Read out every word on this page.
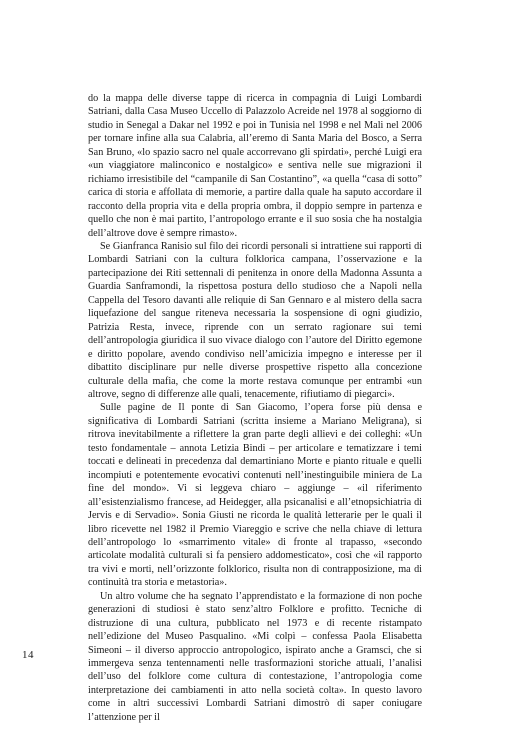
do la mappa delle diverse tappe di ricerca in compagnia di Luigi Lombardi Satriani, dalla Casa Museo Uccello di Palazzolo Acreide nel 1978 al soggiorno di studio in Senegal a Dakar nel 1992 e poi in Tunisia nel 1998 e nel Mali nel 2006 per tornare infine alla sua Calabria, all’eremo di Santa Maria del Bosco, a Serra San Bruno, «lo spazio sacro nel quale accorrevano gli spirdati», perché Luigi era «un viaggiatore malinconico e nostalgico» e sentiva nelle sue migrazioni il richiamo irresistibile del “campanile di San Costantino”, «a quella “casa di sotto” carica di storia e affollata di memorie, a partire dalla quale ha saputo accordare il racconto della propria vita e della propria ombra, il doppio sempre in partenza e quello che non è mai partito, l’antropologo errante e il suo sosia che ha nostalgia dell’altrove dove è sempre rimasto».

Se Gianfranca Ranisio sul filo dei ricordi personali si intrattiene sui rapporti di Lombardi Satriani con la cultura folklorica campana, l’osservazione e la partecipazione dei Riti settennali di penitenza in onore della Madonna Assunta a Guardia Sanframondi, la rispettosa postura dello studioso che a Napoli nella Cappella del Tesoro davanti alle reliquie di San Gennaro e al mistero della sacra liquefazione del sangue riteneva necessaria la sospensione di ogni giudizio, Patrizia Resta, invece, riprende con un serrato ragionare sui temi dell’antropologia giuridica il suo vivace dialogo con l’autore del Diritto egemone e diritto popolare, avendo condiviso nell’amicizia impegno e interesse per il dibattito disciplinare pur nelle diverse prospettive rispetto alla concezione culturale della mafia, che come la morte restava comunque per entrambi «un altrove, segno di differenze alle quali, tenacemente, rifiutiamo di piegarci».

Sulle pagine de Il ponte di San Giacomo, l’opera forse più densa e significativa di Lombardi Satriani (scritta insieme a Mariano Meligrana), si ritrova inevitabilmente a riflettere la gran parte degli allievi e dei colleghi: «Un testo fondamentale – annota Letizia Bindi – per articolare e tematizzare i temi toccati e delineati in precedenza dal demartiniano Morte e pianto rituale e quelli incompiuti e potentemente evocativi contenuti nell’inestinguibile miniera de La fine del mondo». Vi si leggeva chiaro – aggiunge – «il riferimento all’esistenzialismo francese, ad Heidegger, alla psicanalisi e all’etnopsichiatria di Jervis e di Servadio». Sonia Giusti ne ricorda le qualità letterarie per le quali il libro ricevette nel 1982 il Premio Viareggio e scrive che nella chiave di lettura dell’antropologo lo «smarrimento vitale» di fronte al trapasso, «secondo articolate modalità culturali si fa pensiero addomesticato», così che «il rapporto tra vivi e morti, nell’orizzonte folklorico, risulta non di contrapposizione, ma di continuità tra storia e metastoria».

Un altro volume che ha segnato l’apprendistato e la formazione di non poche generazioni di studiosi è stato senz’altro Folklore e profitto. Tecniche di distruzione di una cultura, pubblicato nel 1973 e di recente ristampato nell’edizione del Museo Pasqualino. «Mi colpì – confessa Paola Elisabetta Simeoni – il diverso approccio antropologico, ispirato anche a Gramsci, che si immergeva senza tentennamenti nelle trasformazioni storiche attuali, l’analisi dell’uso del folklore come cultura di contestazione, l’antropologia come interpretazione dei cambiamenti in atto nella società colta». In questo lavoro come in altri successivi Lombardi Satriani dimostrò di saper coniugare l’attenzione per il

14
